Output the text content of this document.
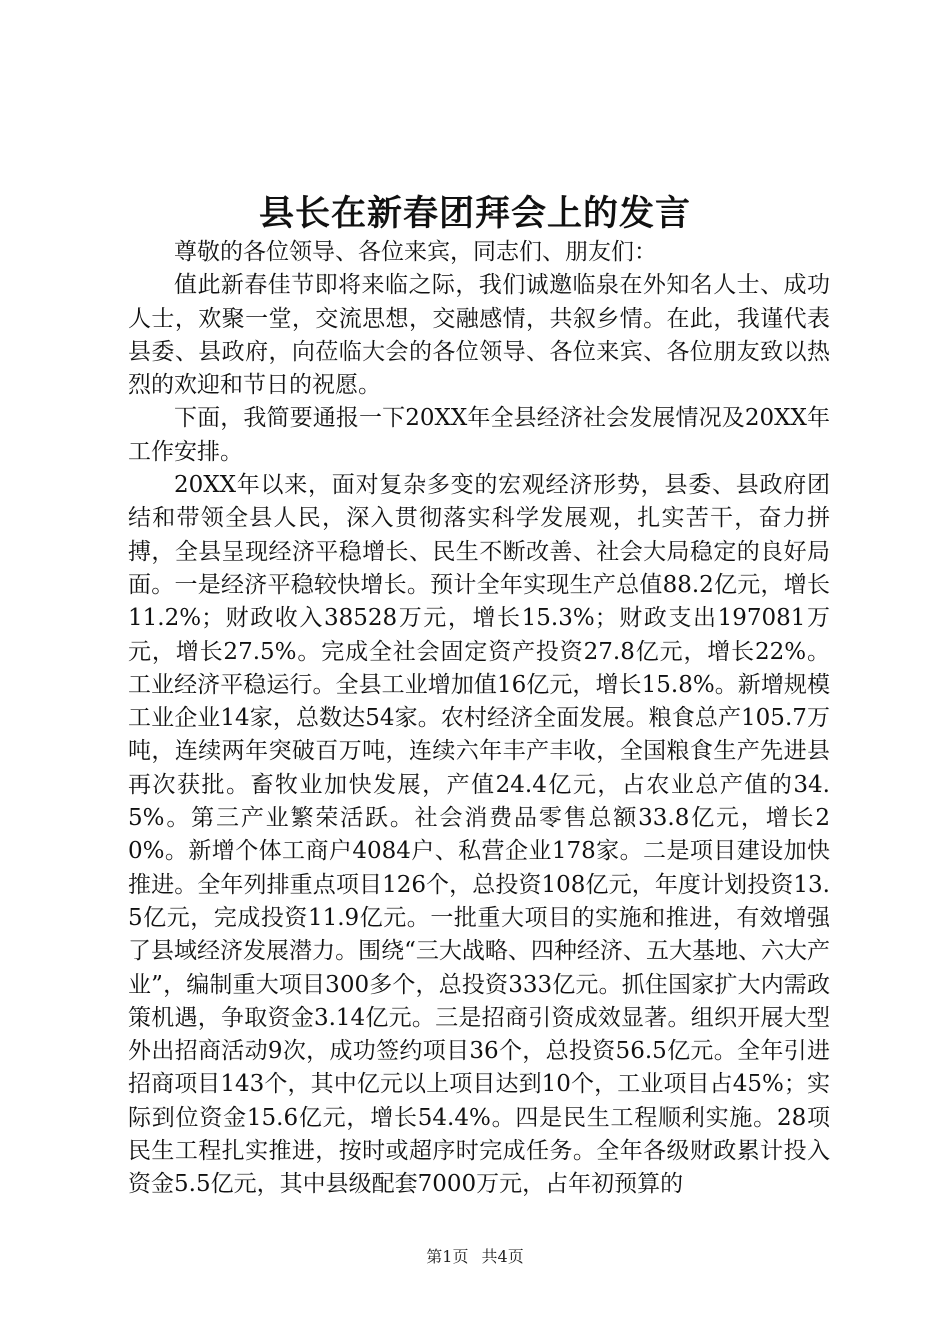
县长在新春团拜会上的发言

尊敬的各位领导、各位来宾，同志们、朋友们：

值此新春佳节即将来临之际，我们诚邀临泉在外知名人士、成功人士，欢聚一堂，交流思想，交融感情，共叙乡情。在此，我谨代表县委、县政府，向莅临大会的各位领导、各位来宾、各位朋友致以热烈的欢迎和节日的祝愿。

下面，我简要通报一下20XX年全县经济社会发展情况及20XX年工作安排。

20XX年以来，面对复杂多变的宏观经济形势，县委、县政府团结和带领全县人民，深入贯彻落实科学发展观，扎实苦干，奋力拼搏，全县呈现经济平稳增长、民生不断改善、社会大局稳定的良好局面。一是经济平稳较快增长。预计全年实现生产总值88.2亿元，增长11.2%；财政收入38528万元，增长15.3%；财政支出197081万元，增长27.5%。完成全社会固定资产投资27.8亿元，增长22%。工业经济平稳运行。全县工业增加值16亿元，增长15.8%。新增规模工业企业14家，总数达54家。农村经济全面发展。粮食总产105.7万吨，连续两年突破百万吨，连续六年丰产丰收，全国粮食生产先进县再次获批。畜牧业加快发展，产值24.4亿元，占农业总产值的34.5%。第三产业繁荣活跃。社会消费品零售总额33.8亿元，增长20%。新增个体工商户4084户、私营企业178家。二是项目建设加快推进。全年列排重点项目126个，总投资108亿元，年度计划投资13.5亿元，完成投资11.9亿元。一批重大项目的实施和推进，有效增强了县域经济发展潜力。围绕“三大战略、四种经济、五大基地、六大产业”，编制重大项目300多个，总投资333亿元。抓住国家扩大内需政策机遇，争取资金3.14亿元。三是招商引资成效显著。组织开展大型外出招商活动9次，成功签约项目36个，总投资56.5亿元。全年引进招商项目143个，其中亿元以上项目达到10个，工业项目占45%；实际到位资金15.6亿元，增长54.4%。四是民生工程顺利实施。28项民生工程扎实推进，按时或超序时完成任务。全年各级财政累计投入资金5.5亿元，其中县级配套7000万元，占年初预算的

第1页 共4页
